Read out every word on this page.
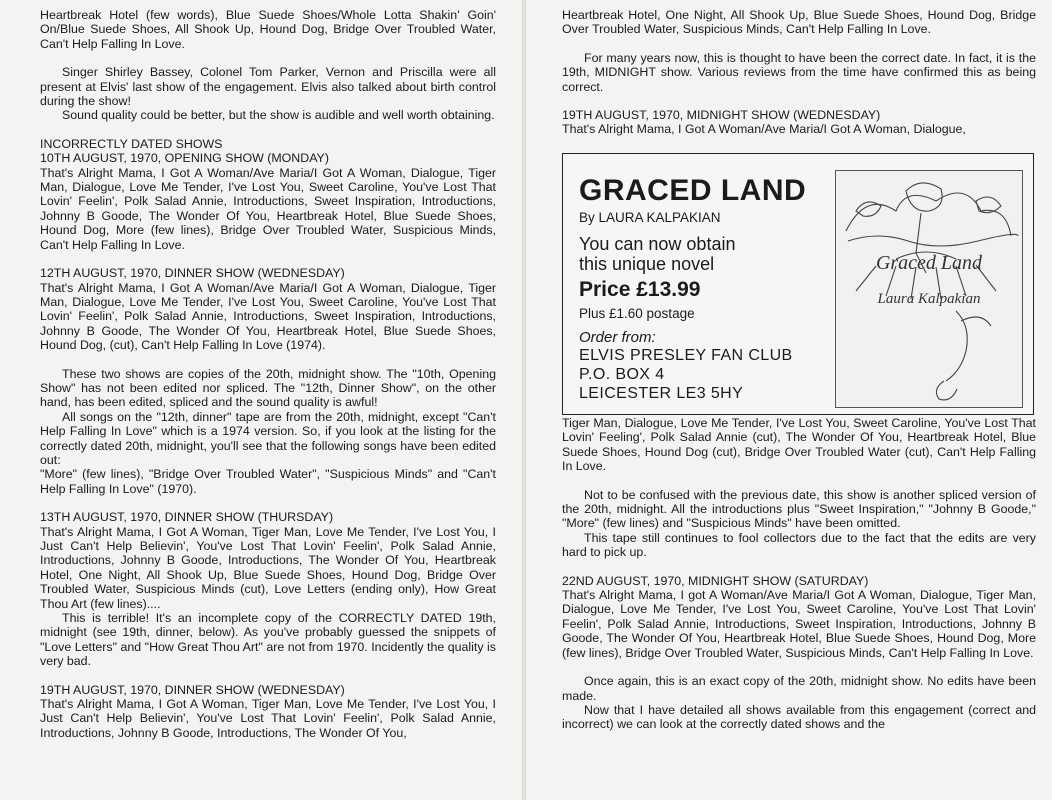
Heartbreak Hotel (few words), Blue Suede Shoes/Whole Lotta Shakin' Goin' On/Blue Suede Shoes, All Shook Up, Hound Dog, Bridge Over Troubled Water, Can't Help Falling In Love.

Singer Shirley Bassey, Colonel Tom Parker, Vernon and Priscilla were all present at Elvis' last show of the engagement. Elvis also talked about birth control during the show!

Sound quality could be better, but the show is audible and well worth obtaining.

INCORRECTLY DATED SHOWS

10TH AUGUST, 1970, OPENING SHOW (MONDAY)

That's Alright Mama, I Got A Woman/Ave Maria/I Got A Woman, Dialogue, Tiger Man, Dialogue, Love Me Tender, I've Lost You, Sweet Caroline, You've Lost That Lovin' Feelin', Polk Salad Annie, Introductions, Sweet Inspiration, Introductions, Johnny B Goode, The Wonder Of You, Heartbreak Hotel, Blue Suede Shoes, Hound Dog, More (few lines), Bridge Over Troubled Water, Suspicious Minds, Can't Help Falling In Love.

12TH AUGUST, 1970, DINNER SHOW (WEDNESDAY)

That's Alright Mama, I Got A Woman/Ave Maria/I Got A Woman, Dialogue, Tiger Man, Dialogue, Love Me Tender, I've Lost You, Sweet Caroline, You've Lost That Lovin' Feelin', Polk Salad Annie, Introductions, Sweet Inspiration, Introductions, Johnny B Goode, The Wonder Of You, Heartbreak Hotel, Blue Suede Shoes, Hound Dog, (cut), Can't Help Falling In Love (1974).

These two shows are copies of the 20th, midnight show. The "10th, Opening Show" has not been edited nor spliced. The "12th, Dinner Show", on the other hand, has been edited, spliced and the sound quality is awful!

All songs on the "12th, dinner" tape are from the 20th, midnight, except "Can't Help Falling In Love" which is a 1974 version. So, if you look at the listing for the correctly dated 20th, midnight, you'll see that the following songs have been edited out:

"More" (few lines), "Bridge Over Troubled Water", "Suspicious Minds" and "Can't Help Falling In Love" (1970).

13TH AUGUST, 1970, DINNER SHOW (THURSDAY)

That's Alright Mama, I Got A Woman, Tiger Man, Love Me Tender, I've Lost You, I Just Can't Help Believin', You've Lost That Lovin' Feelin', Polk Salad Annie, Introductions, Johnny B Goode, Introductions, The Wonder Of You, Heartbreak Hotel, One Night, All Shook Up, Blue Suede Shoes, Hound Dog, Bridge Over Troubled Water, Suspicious Minds (cut), Love Letters (ending only), How Great Thou Art (few lines)....

This is terrible! It's an incomplete copy of the CORRECTLY DATED 19th, midnight (see 19th, dinner, below). As you've probably guessed the snippets of "Love Letters" and "How Great Thou Art" are not from 1970. Incidently the quality is very bad.

19TH AUGUST, 1970, DINNER SHOW (WEDNESDAY)

That's Alright Mama, I Got A Woman, Tiger Man, Love Me Tender, I've Lost You, I Just Can't Help Believin', You've Lost That Lovin' Feelin', Polk Salad Annie, Introductions, Johnny B Goode, Introductions, The Wonder Of You,

Heartbreak Hotel, One Night, All Shook Up, Blue Suede Shoes, Hound Dog, Bridge Over Troubled Water, Suspicious Minds, Can't Help Falling In Love.

For many years now, this is thought to have been the correct date. In fact, it is the 19th, MIDNIGHT show. Various reviews from the time have confirmed this as being correct.

19TH AUGUST, 1970, MIDNIGHT SHOW (WEDNESDAY)

That's Alright Mama, I Got A Woman/Ave Maria/I Got A Woman, Dialogue,

GRACED LAND
By LAURA KALPAKIAN
You can now obtain
this unique novel
Price £13.99
Plus £1.60 postage
Order from:
ELVIS PRESLEY FAN CLUB
P.O. BOX 4
LEICESTER LE3 5HY
Graced Land
Laura Kalpakian

Tiger Man, Dialogue, Love Me Tender, I've Lost You, Sweet Caroline, You've Lost That Lovin' Feeling', Polk Salad Annie (cut), The Wonder Of You, Heartbreak Hotel, Blue Suede Shoes, Hound Dog (cut), Bridge Over Troubled Water (cut), Can't Help Falling In Love.

Not to be confused with the previous date, this show is another spliced version of the 20th, midnight. All the introductions plus "Sweet Inspiration," "Johnny B Goode," "More" (few lines) and "Suspicious Minds" have been omitted.

This tape still continues to fool collectors due to the fact that the edits are very hard to pick up.

22ND AUGUST, 1970, MIDNIGHT SHOW (SATURDAY)

That's Alright Mama, I got A Woman/Ave Maria/I Got A Woman, Dialogue, Tiger Man, Dialogue, Love Me Tender, I've Lost You, Sweet Caroline, You've Lost That Lovin' Feelin', Polk Salad Annie, Introductions, Sweet Inspiration, Introductions, Johnny B Goode, The Wonder Of You, Heartbreak Hotel, Blue Suede Shoes, Hound Dog, More (few lines), Bridge Over Troubled Water, Suspicious Minds, Can't Help Falling In Love.

Once again, this is an exact copy of the 20th, midnight show. No edits have been made.

Now that I have detailed all shows available from this engagement (correct and incorrect) we can look at the correctly dated shows and the
